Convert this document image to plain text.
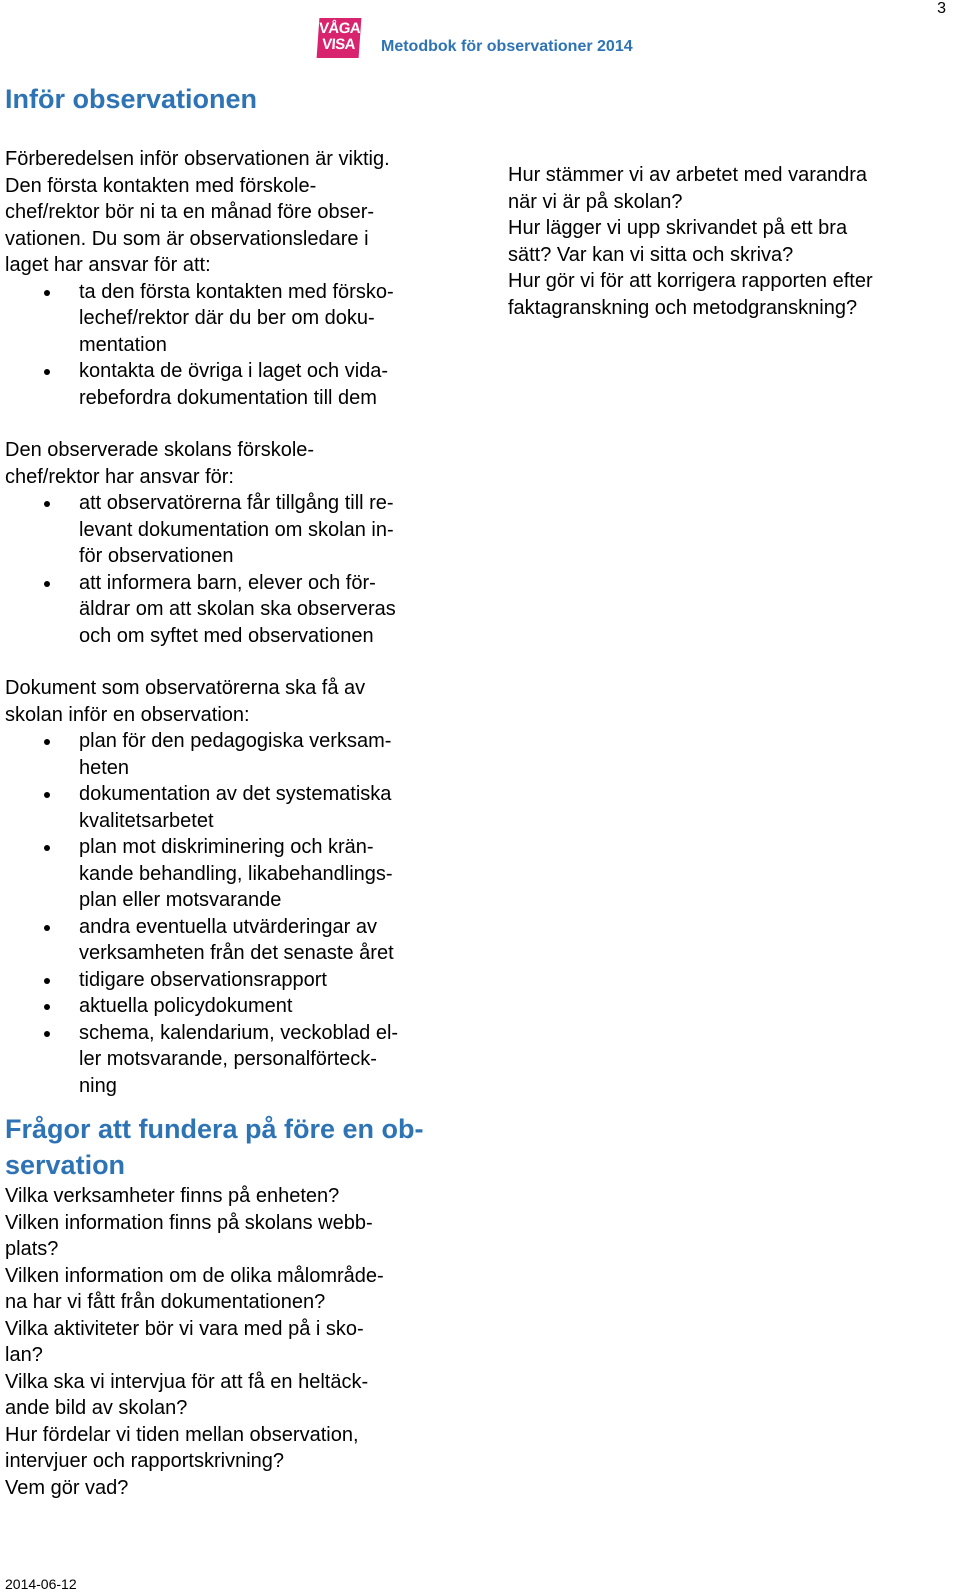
3
VÅGA
VISA Metodbok för observationer 2014
Inför observationen

Förberedelsen inför observationen är viktig.
Den första kontakten med förskole-
chef/rektor bör ni ta en månad före obser-
vationen. Du som är observationsledare i
laget har ansvar för att:

ta den första kontakten med försko-
lechef/rektor där du ber om doku-
mentation
kontakta de övriga i laget och vida-
rebefordra dokumentation till dem

Den observerade skolans förskole-
chef/rektor har ansvar för:

att observatörerna får tillgång till re-
levant dokumentation om skolan in-
för observationen
att informera barn, elever och för-
äldrar om att skolan ska observeras
och om syftet med observationen

Dokument som observatörerna ska få av
skolan inför en observation:

plan för den pedagogiska verksam-
heten
dokumentation av det systematiska
kvalitetsarbetet
plan mot diskriminering och krän-
kande behandling, likabehandlings-
plan eller motsvarande
andra eventuella utvärderingar av
verksamheten från det senaste året
tidigare observationsrapport
aktuella policydokument
schema, kalendarium, veckoblad el-
ler motsvarande, personalförteck-
ning
Frågor att fundera på före en ob-
servation

Vilka verksamheter finns på enheten?
Vilken information finns på skolans webb-
plats?
Vilken information om de olika målområde-
na har vi fått från dokumentationen?
Vilka aktiviteter bör vi vara med på i sko-
lan?
Vilka ska vi intervjua för att få en heltäck-
ande bild av skolan?
Hur fördelar vi tiden mellan observation,
intervjuer och rapportskrivning?
Vem gör vad?

Hur stämmer vi av arbetet med varandra
när vi är på skolan?
Hur lägger vi upp skrivandet på ett bra
sätt? Var kan vi sitta och skriva?
Hur gör vi för att korrigera rapporten efter
faktagranskning och metodgranskning?

2014-06-12
